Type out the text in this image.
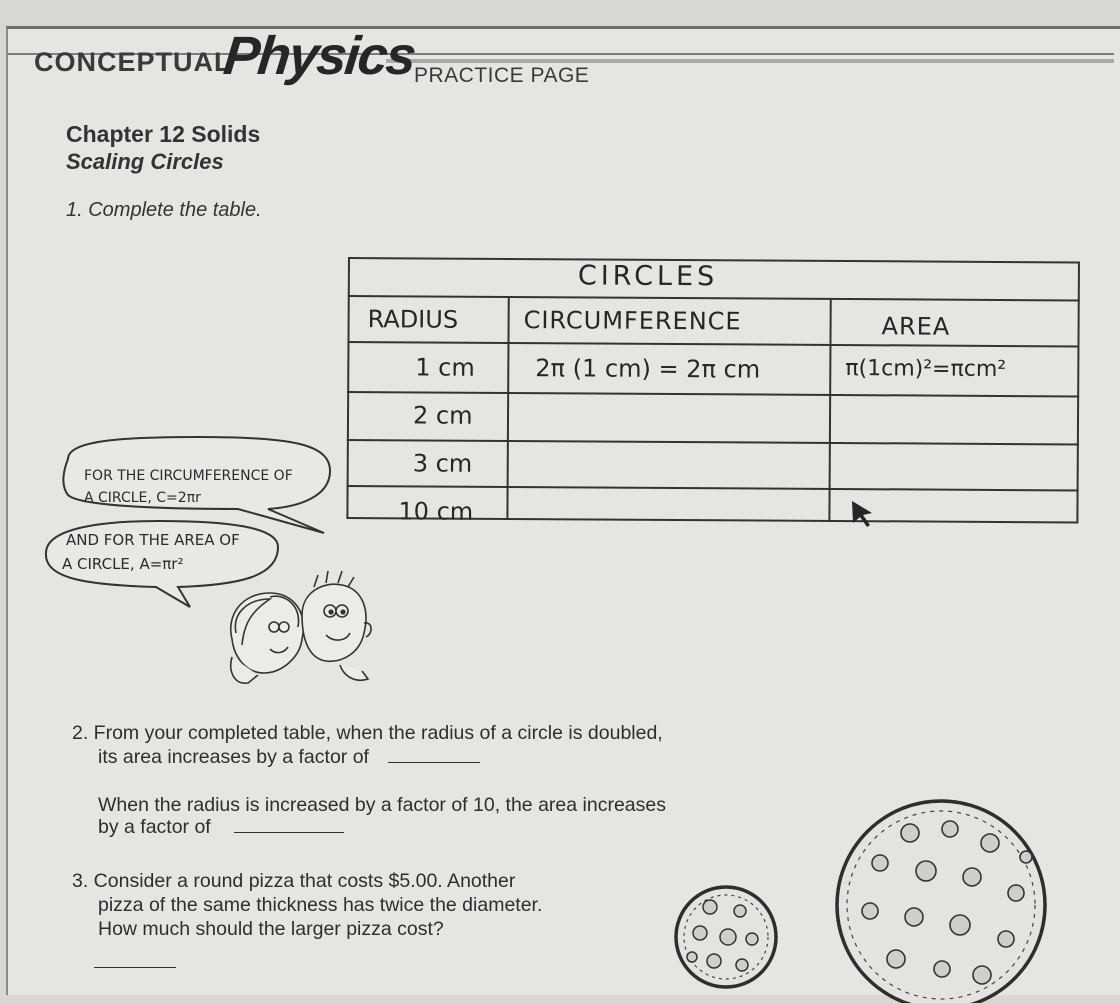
CONCEPTUAL
Physics
PRACTICE PAGE
Chapter 12 Solids
Scaling Circles
1. Complete the table.
CIRCLES
RADIUS	CIRCUMFERENCE	AREA
1 cm	2π (1 cm) = 2π cm	π(1cm)²=πcm²
2 cm
3 cm
10 cm
FOR THE CIRCUMFERENCE OF
A CIRCLE, C=2πr
AND FOR THE AREA OF
A CIRCLE, A=πr²
2. From your completed table, when the radius of a circle is doubled,
its area increases by a factor of
When the radius is increased by a factor of 10, the area increases
by a factor of
3. Consider a round pizza that costs $5.00. Another
pizza of the same thickness has twice the diameter.
How much should the larger pizza cost?
